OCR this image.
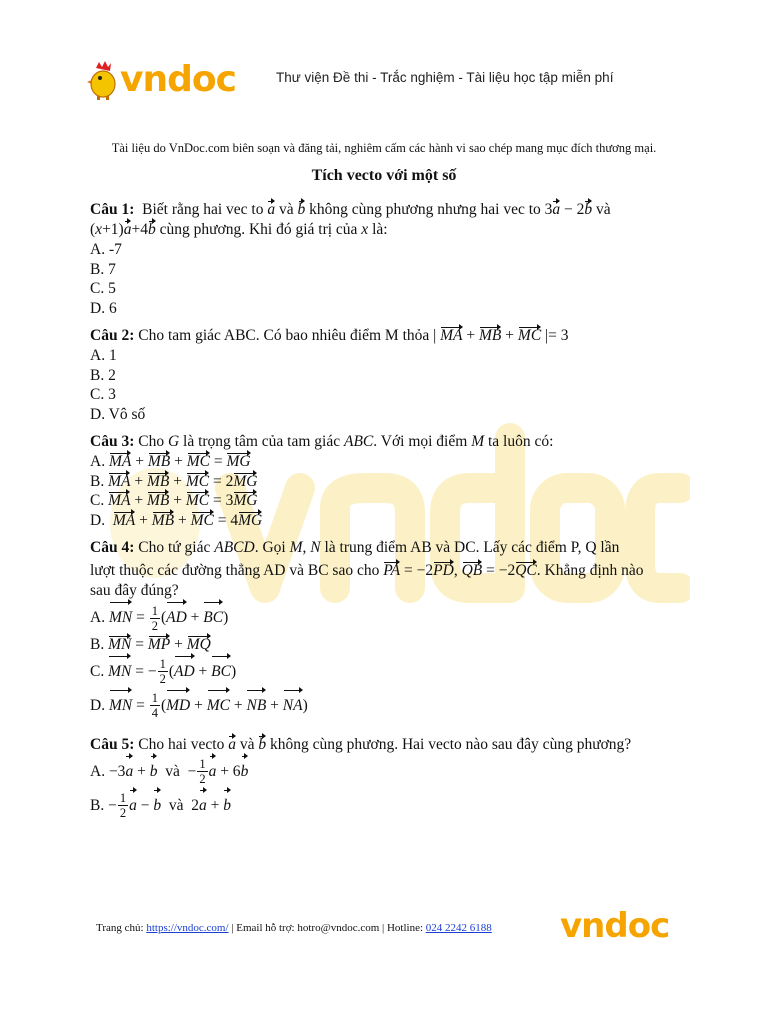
vndoc	Thư viện Đề thi - Trắc nghiệm - Tài liệu học tập miễn phí
Tài liệu do VnDoc.com biên soạn và đăng tải, nghiêm cấm các hành vi sao chép mang mục đích thương mại.
Tích vecto với một số
Câu 1:  Biết rằng hai vec to a và b không cùng phương nhưng hai vec to 3a − 2b và
(x+1)a+4b cùng phương. Khi đó giá trị của x là:
A. -7
B. 7
C. 5
D. 6
Câu 2: Cho tam giác ABC. Có bao nhiêu điểm M thỏa | MA + MB + MC |= 3
A. 1
B. 2
C. 3
D. Vô số
Câu 3: Cho G là trọng tâm của tam giác ABC. Với mọi điểm M ta luôn có:
A. MA + MB + MC = MG
B. MA + MB + MC = 2MG
C. MA + MB + MC = 3MG
D.  MA + MB + MC = 4MG
Câu 4: Cho tứ giác ABCD. Gọi M, N là trung điểm AB và DC. Lấy các điểm P, Q lần
lượt thuộc các đường thẳng AD và BC sao cho PA = −2PD, QB = −2QC. Khẳng định nào
sau đây đúng?
A. MN = $\frac{1}{2} (AD + BC)$
B. MN = MP + MQ
C. MN = − $\frac{1}{2} (AD + BC)$
D. MN = $\frac{1}{4} (MD$ + MC + NB + NA)
Câu 5: Cho hai vecto a và b không cùng phương. Hai vecto nào sau đây cùng phương?
A. −3a + b  và  − $\frac{1}{2}$ a + 6b
B. − $\frac{1}{2}$ a − b  và  2a + b
Trang chủ: https://vndoc.com/ | Email hỗ trợ: hotro@vndoc.com | Hotline: 024 2242 6188 vndoc
